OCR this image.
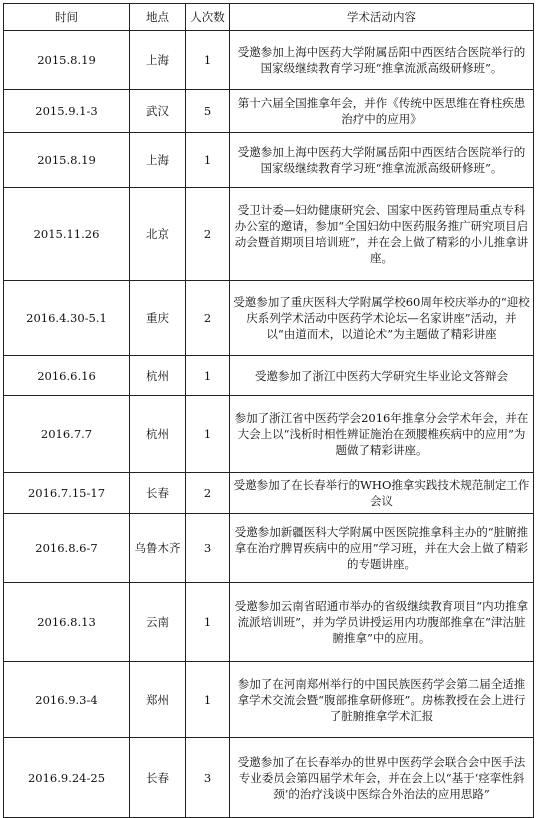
时间	地点	人次数	学术活动内容
2015.8.19	上海	1	受邀参加上海中医药大学附属岳阳中西医结合医院举行的国家级继续教育学习班“推拿流派高级研修班”。
2015.9.1-3	武汉	5	第十六届全国推拿年会，并作《传统中医思维在脊柱疾患治疗中的应用》
2015.8.19	上海	1	受邀参加上海中医药大学附属岳阳中西医结合医院举行的国家级继续教育学习班“推拿流派高级研修班”。
2015.11.26	北京	2	受卫计委—妇幼健康研究会、国家中医药管理局重点专科办公室的邀请，参加“全国妇幼中医药服务推广研究项目启动会暨首期项目培训班”，并在会上做了精彩的小儿推拿讲座。
2016.4.30-5.1	重庆	2	受邀参加了重庆医科大学附属学校60周年校庆举办的“迎校庆系列学术活动中医药学术论坛—名家讲座”活动，并以“由道而术，以道论术”为主题做了精彩讲座
2016.6.16	杭州	1	受邀参加了浙江中医药大学研究生毕业论文答辩会
2016.7.7	杭州	1	参加了浙江省中医药学会2016年推拿分会学术年会，并在大会上以“浅析时相性辨证施治在颈腰椎疾病中的应用”为题做了精彩讲座。
2016.7.15-17	长春	2	受邀参加了在长春举行的WHO推拿实践技术规范制定工作会议
2016.8.6-7	乌鲁木齐	3	受邀参加新疆医科大学附属中医医院推拿科主办的“脏腑推拿在治疗脾胃疾病中的应用”学习班，并在大会上做了精彩的专题讲座。
2016.8.13	云南	1	受邀参加云南省昭通市举办的省级继续教育项目“内功推拿流派培训班”，并为学员讲授运用内功腹部推拿在“津沽脏腑推拿”中的应用。
2016.9.3-4	郑州	1	参加了在河南郑州举行的中国民族医药学会第二届全适推拿学术交流会暨“腹部推拿研修班”。房栋教授在会上进行了脏腑推拿学术汇报
2016.9.24-25	长春	3	受邀参加了在长春举办的世界中医药学会联合会中医手法专业委员会第四届学术年会，并在会上以“基于‘痉挛性斜颈’的治疗浅谈中医综合外治法的应用思路”
